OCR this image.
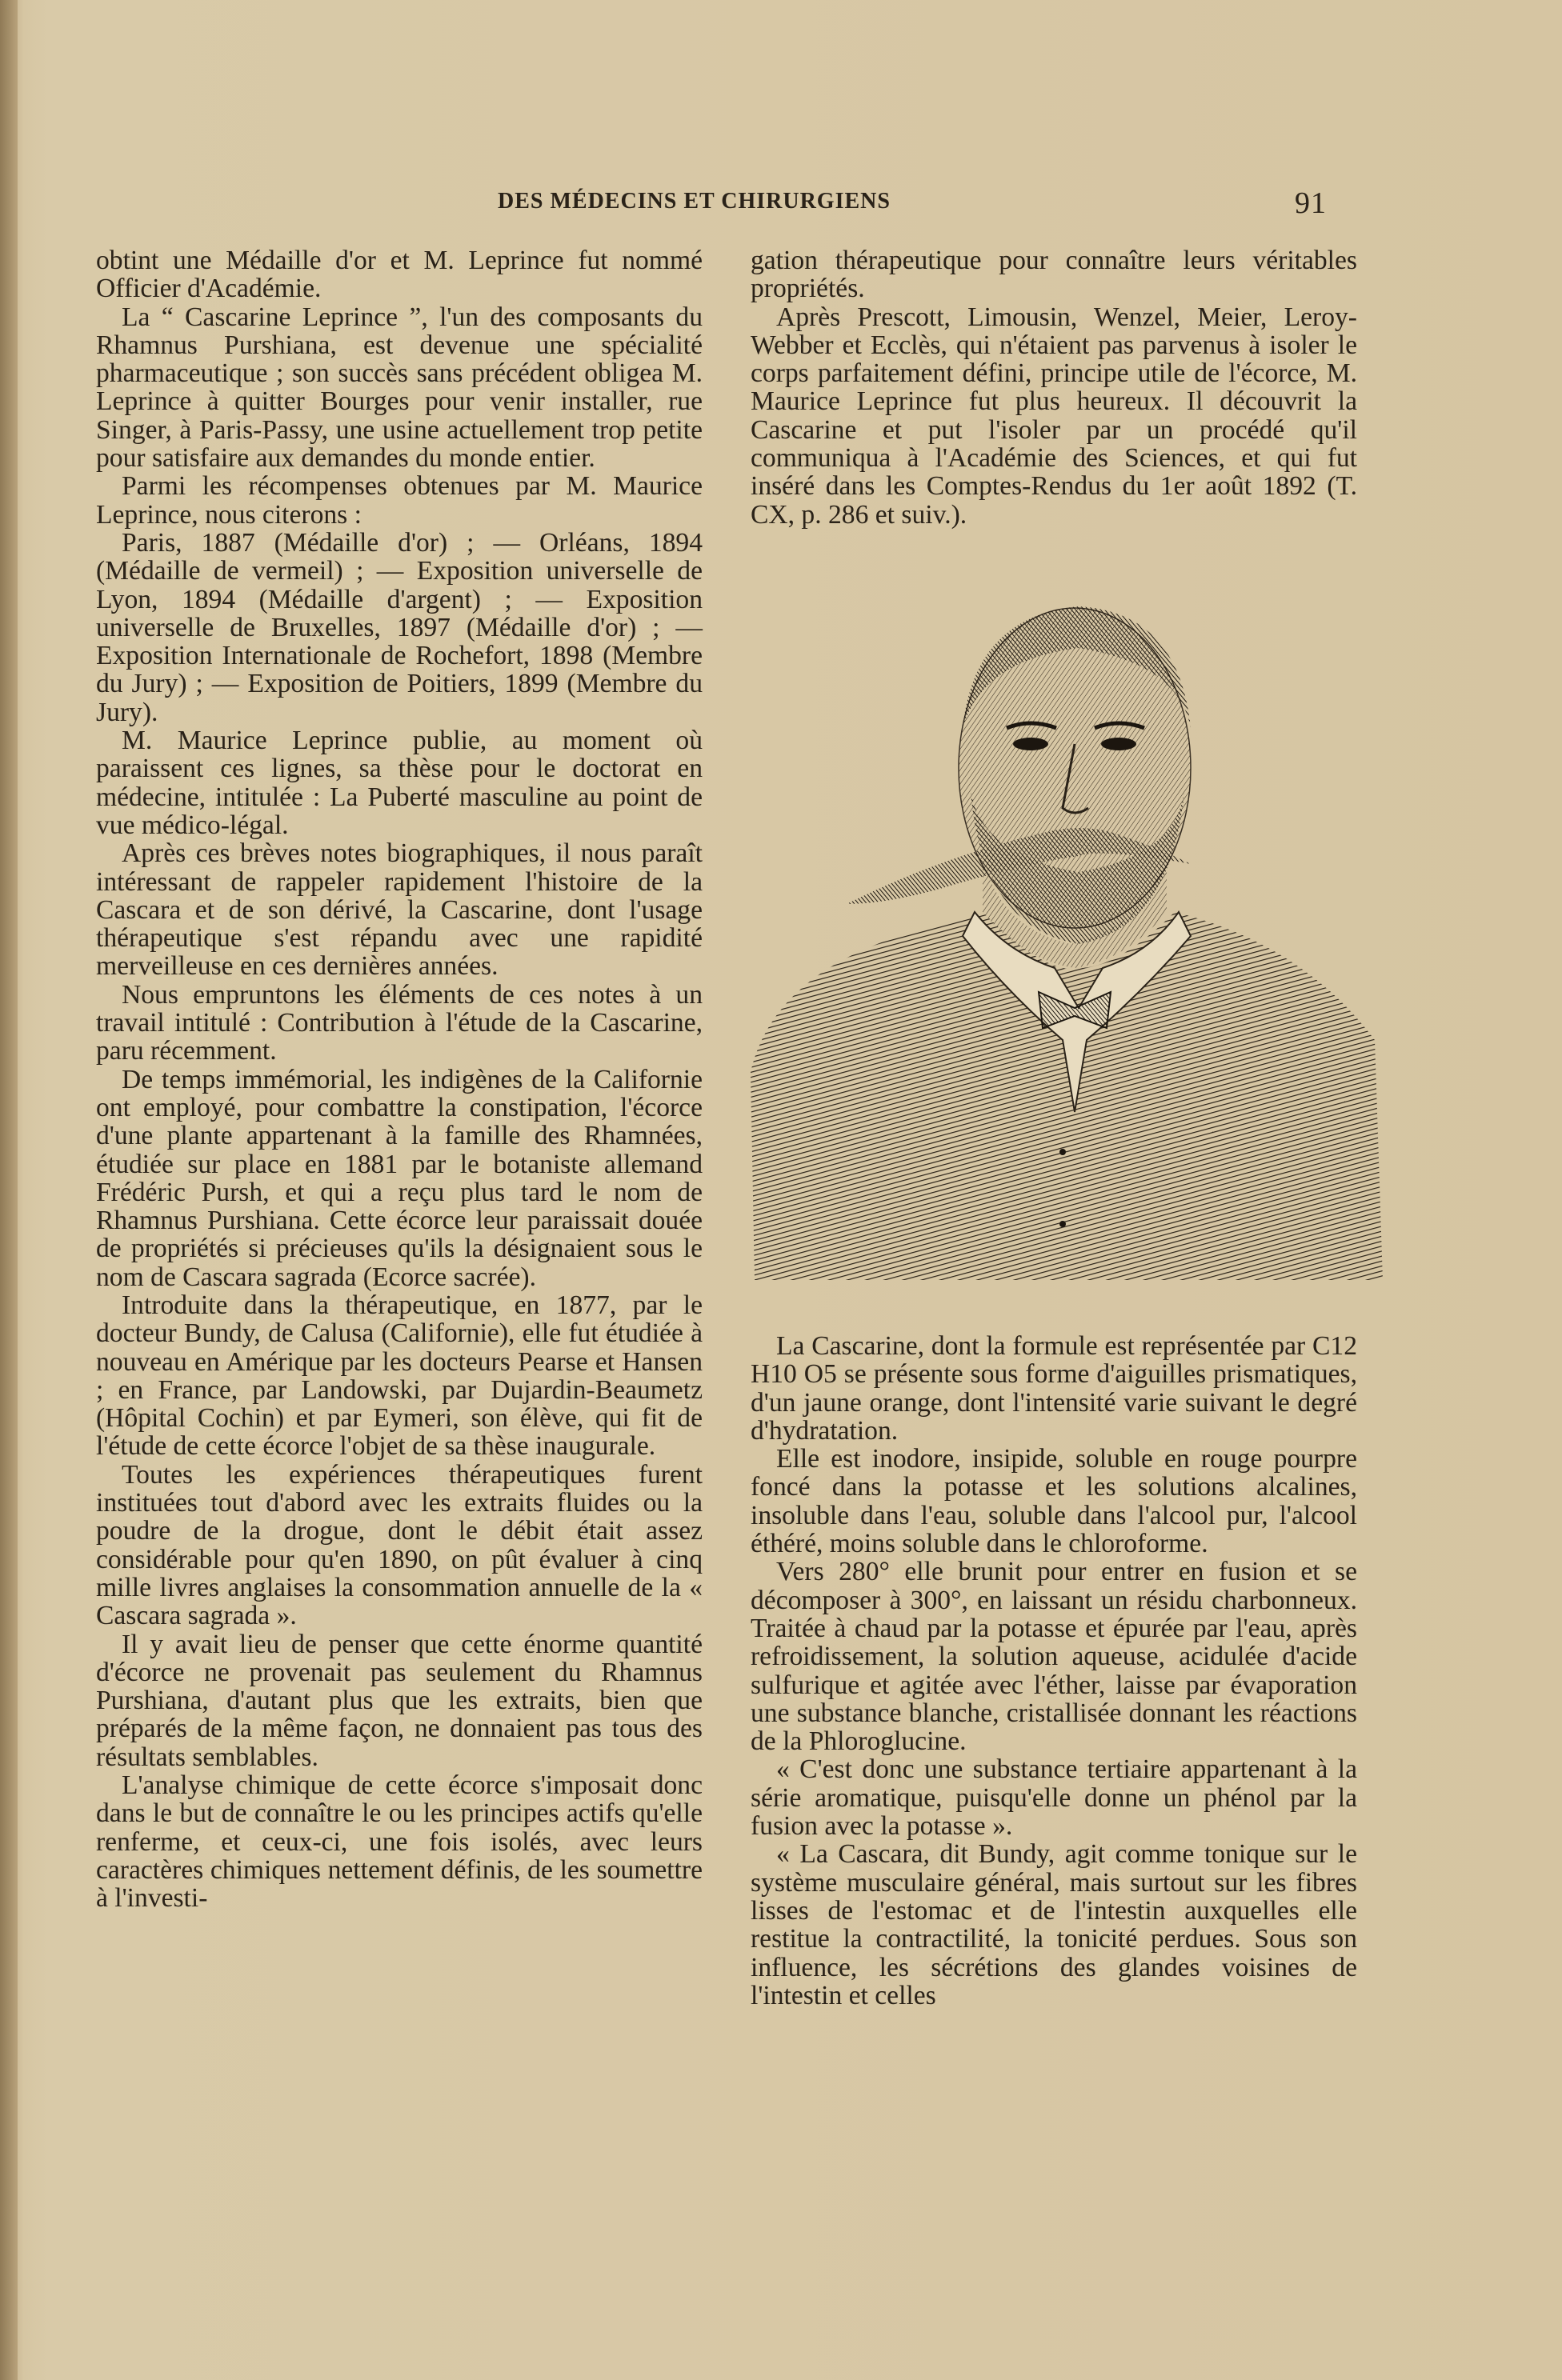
DES MÉDECINS ET CHIRURGIENS	91

obtint une Médaille d'or et M. Leprince fut nommé Officier d'Académie.

La “ Cascarine Leprince ”, l'un des composants du Rhamnus Purshiana, est devenue une spécialité pharmaceutique ; son succès sans précédent obligea M. Leprince à quitter Bourges pour venir installer, rue Singer, à Paris-Passy, une usine actuellement trop petite pour satisfaire aux demandes du monde entier.

Parmi les récompenses obtenues par M. Maurice Leprince, nous citerons :

Paris, 1887 (Médaille d'or) ; — Orléans, 1894 (Médaille de vermeil) ; — Exposition universelle de Lyon, 1894 (Médaille d'argent) ; — Exposition universelle de Bruxelles, 1897 (Médaille d'or) ; — Exposition Internationale de Rochefort, 1898 (Membre du Jury) ; — Exposition de Poitiers, 1899 (Membre du Jury).

M. Maurice Leprince publie, au moment où paraissent ces lignes, sa thèse pour le doctorat en médecine, intitulée : La Puberté masculine au point de vue médico-légal.

Après ces brèves notes biographiques, il nous paraît intéressant de rappeler rapidement l'histoire de la Cascara et de son dérivé, la Cascarine, dont l'usage thérapeutique s'est répandu avec une rapidité merveilleuse en ces dernières années.

Nous empruntons les éléments de ces notes à un travail intitulé : Contribution à l'étude de la Cascarine, paru récemment.

De temps immémorial, les indigènes de la Californie ont employé, pour combattre la constipation, l'écorce d'une plante appartenant à la famille des Rhamnées, étudiée sur place en 1881 par le botaniste allemand Frédéric Pursh, et qui a reçu plus tard le nom de Rhamnus Purshiana. Cette écorce leur paraissait douée de propriétés si précieuses qu'ils la désignaient sous le nom de Cascara sagrada (Ecorce sacrée).

Introduite dans la thérapeutique, en 1877, par le docteur Bundy, de Calusa (Californie), elle fut étudiée à nouveau en Amérique par les docteurs Pearse et Hansen ; en France, par Landowski, par Dujardin-Beaumetz (Hôpital Cochin) et par Eymeri, son élève, qui fit de l'étude de cette écorce l'objet de sa thèse inaugurale.

Toutes les expériences thérapeutiques furent instituées tout d'abord avec les extraits fluides ou la poudre de la drogue, dont le débit était assez considérable pour qu'en 1890, on pût évaluer à cinq mille livres anglaises la consommation annuelle de la « Cascara sagrada ».

Il y avait lieu de penser que cette énorme quantité d'écorce ne provenait pas seulement du Rhamnus Purshiana, d'autant plus que les extraits, bien que préparés de la même façon, ne donnaient pas tous des résultats semblables.

L'analyse chimique de cette écorce s'imposait donc dans le but de connaître le ou les principes actifs qu'elle renferme, et ceux-ci, une fois isolés, avec leurs caractères chimiques nettement définis, de les soumettre à l'investi-

gation thérapeutique pour connaître leurs véritables propriétés.

Après Prescott, Limousin, Wenzel, Meier, Leroy-Webber et Ecclès, qui n'étaient pas parvenus à isoler le corps parfaitement défini, principe utile de l'écorce, M. Maurice Leprince fut plus heureux. Il découvrit la Cascarine et put l'isoler par un procédé qu'il communiqua à l'Académie des Sciences, et qui fut inséré dans les Comptes-Rendus du 1er août 1892 (T. CX, p. 286 et suiv.).

La Cascarine, dont la formule est représentée par C12 H10 O5 se présente sous forme d'aiguilles prismatiques, d'un jaune orange, dont l'intensité varie suivant le degré d'hydratation.

Elle est inodore, insipide, soluble en rouge pourpre foncé dans la potasse et les solutions alcalines, insoluble dans l'eau, soluble dans l'alcool pur, l'alcool éthéré, moins soluble dans le chloroforme.

Vers 280° elle brunit pour entrer en fusion et se décomposer à 300°, en laissant un résidu charbonneux. Traitée à chaud par la potasse et épurée par l'eau, après refroidissement, la solution aqueuse, acidulée d'acide sulfurique et agitée avec l'éther, laisse par évaporation une substance blanche, cristallisée donnant les réactions de la Phloroglucine.

« C'est donc une substance tertiaire appartenant à la série aromatique, puisqu'elle donne un phénol par la fusion avec la potasse ».

« La Cascara, dit Bundy, agit comme tonique sur le système musculaire général, mais surtout sur les fibres lisses de l'estomac et de l'intestin auxquelles elle restitue la contractilité, la tonicité perdues. Sous son influence, les sécrétions des glandes voisines de l'intestin et celles
